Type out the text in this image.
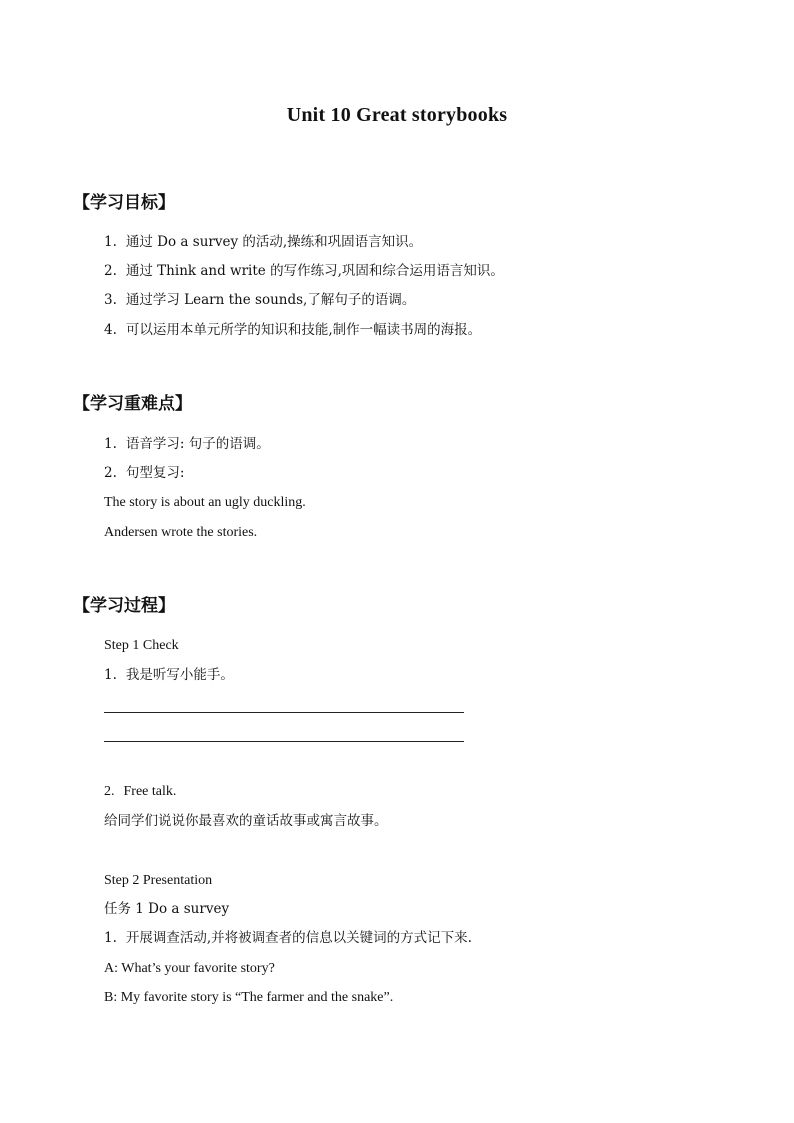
Unit 10 Great storybooks
【学习目标】
1. 通过 Do a survey 的活动,操练和巩固语言知识。
2. 通过 Think and write 的写作练习,巩固和综合运用语言知识。
3. 通过学习 Learn the sounds,了解句子的语调。
4. 可以运用本单元所学的知识和技能,制作一幅读书周的海报。
【学习重难点】
1. 语音学习: 句子的语调。
2. 句型复习:
The story is about an ugly duckling.
Andersen wrote the stories.
【学习过程】
Step 1 Check
1. 我是听写小能手。
2. Free talk.
给同学们说说你最喜欢的童话故事或寓言故事。
Step 2 Presentation
任务 1 Do a survey
1. 开展调查活动,并将被调查者的信息以关键词的方式记下来.
A: What’s your favorite story?
B: My favorite story is “The farmer and the snake”.
